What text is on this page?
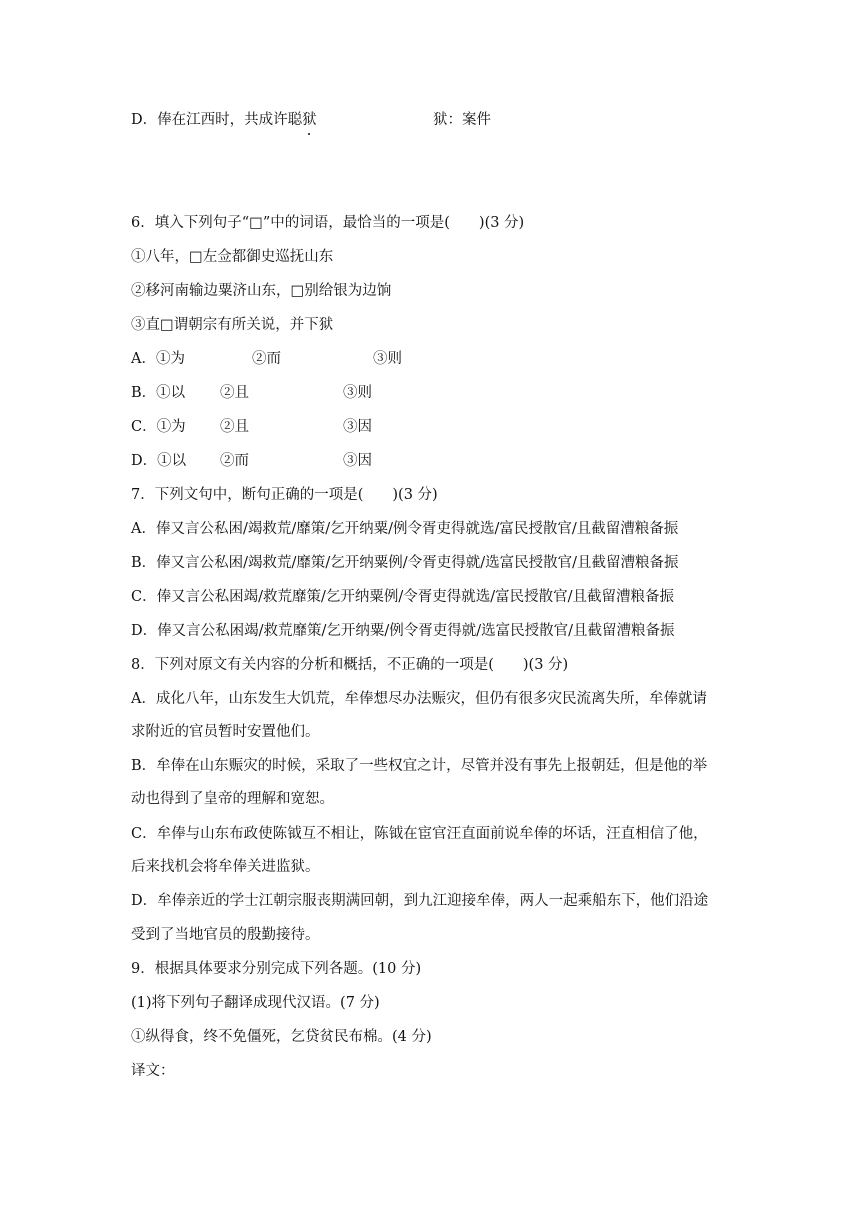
D．俸在江西时，共成许聪狱	狱：案件
6．填入下列句子“□”中的词语，最恰当的一项是(　　)(3 分)
①八年，□左佥都御史巡抚山东
②移河南输边粟济山东，□别给银为边饷
③直□谓朝宗有所关说，并下狱
A．①为	②而	③则
B．①以 ②且	③则
C．①为 ②且	③因
D．①以 ②而	③因
7．下列文句中，断句正确的一项是(　　)(3 分)
A．俸又言公私困/竭救荒/靡策/乞开纳粟/例令胥吏得就选/富民授散官/且截留漕粮备振
B．俸又言公私困/竭救荒/靡策/乞开纳粟例/令胥吏得就/选富民授散官/且截留漕粮备振
C．俸又言公私困竭/救荒靡策/乞开纳粟例/令胥吏得就选/富民授散官/且截留漕粮备振
D．俸又言公私困竭/救荒靡策/乞开纳粟/例令胥吏得就/选富民授散官/且截留漕粮备振
8．下列对原文有关内容的分析和概括，不正确的一项是(　　)(3 分)
A．成化八年，山东发生大饥荒，牟俸想尽办法赈灾，但仍有很多灾民流离失所，牟俸就请
求附近的官员暂时安置他们。
B．牟俸在山东赈灾的时候，采取了一些权宜之计，尽管并没有事先上报朝廷，但是他的举
动也得到了皇帝的理解和宽恕。
C．牟俸与山东布政使陈钺互不相让，陈钺在宦官汪直面前说牟俸的坏话，汪直相信了他，
后来找机会将牟俸关进监狱。
D．牟俸亲近的学士江朝宗服丧期满回朝，到九江迎接牟俸，两人一起乘船东下，他们沿途
受到了当地官员的殷勤接待。
9．根据具体要求分别完成下列各题。(10 分)
(1)将下列句子翻译成现代汉语。(7 分)
①纵得食，终不免僵死，乞贷贫民布棉。(4 分)
译文：
